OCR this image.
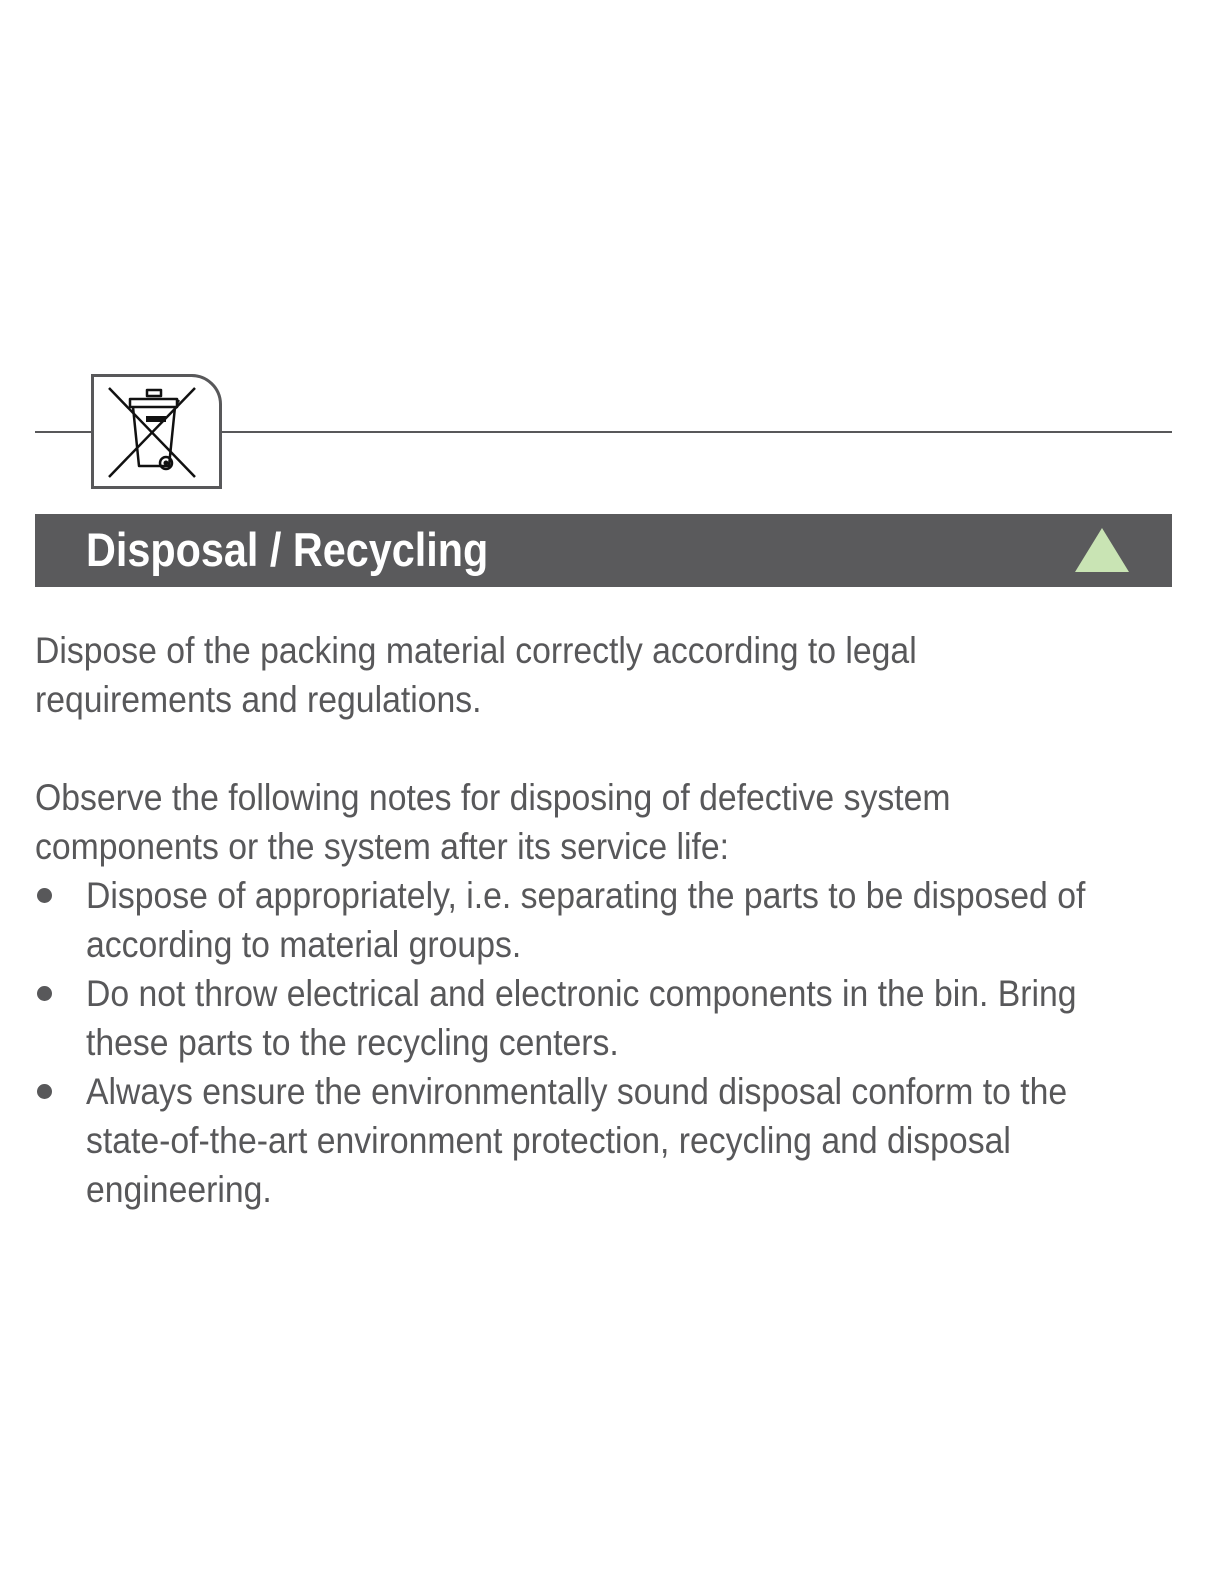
Disposal / Recycling

Dispose of the packing material correctly according to legal
requirements and regulations.

Observe the following notes for disposing of defective system
components or the system after its service life:

Dispose of appropriately, i.e. separating the parts to be disposed of
according to material groups.
Do not throw electrical and electronic components in the bin. Bring
these parts to the recycling centers.
Always ensure the environmentally sound disposal conform to the
state-of-the-art environment protection, recycling and disposal
engineering.
